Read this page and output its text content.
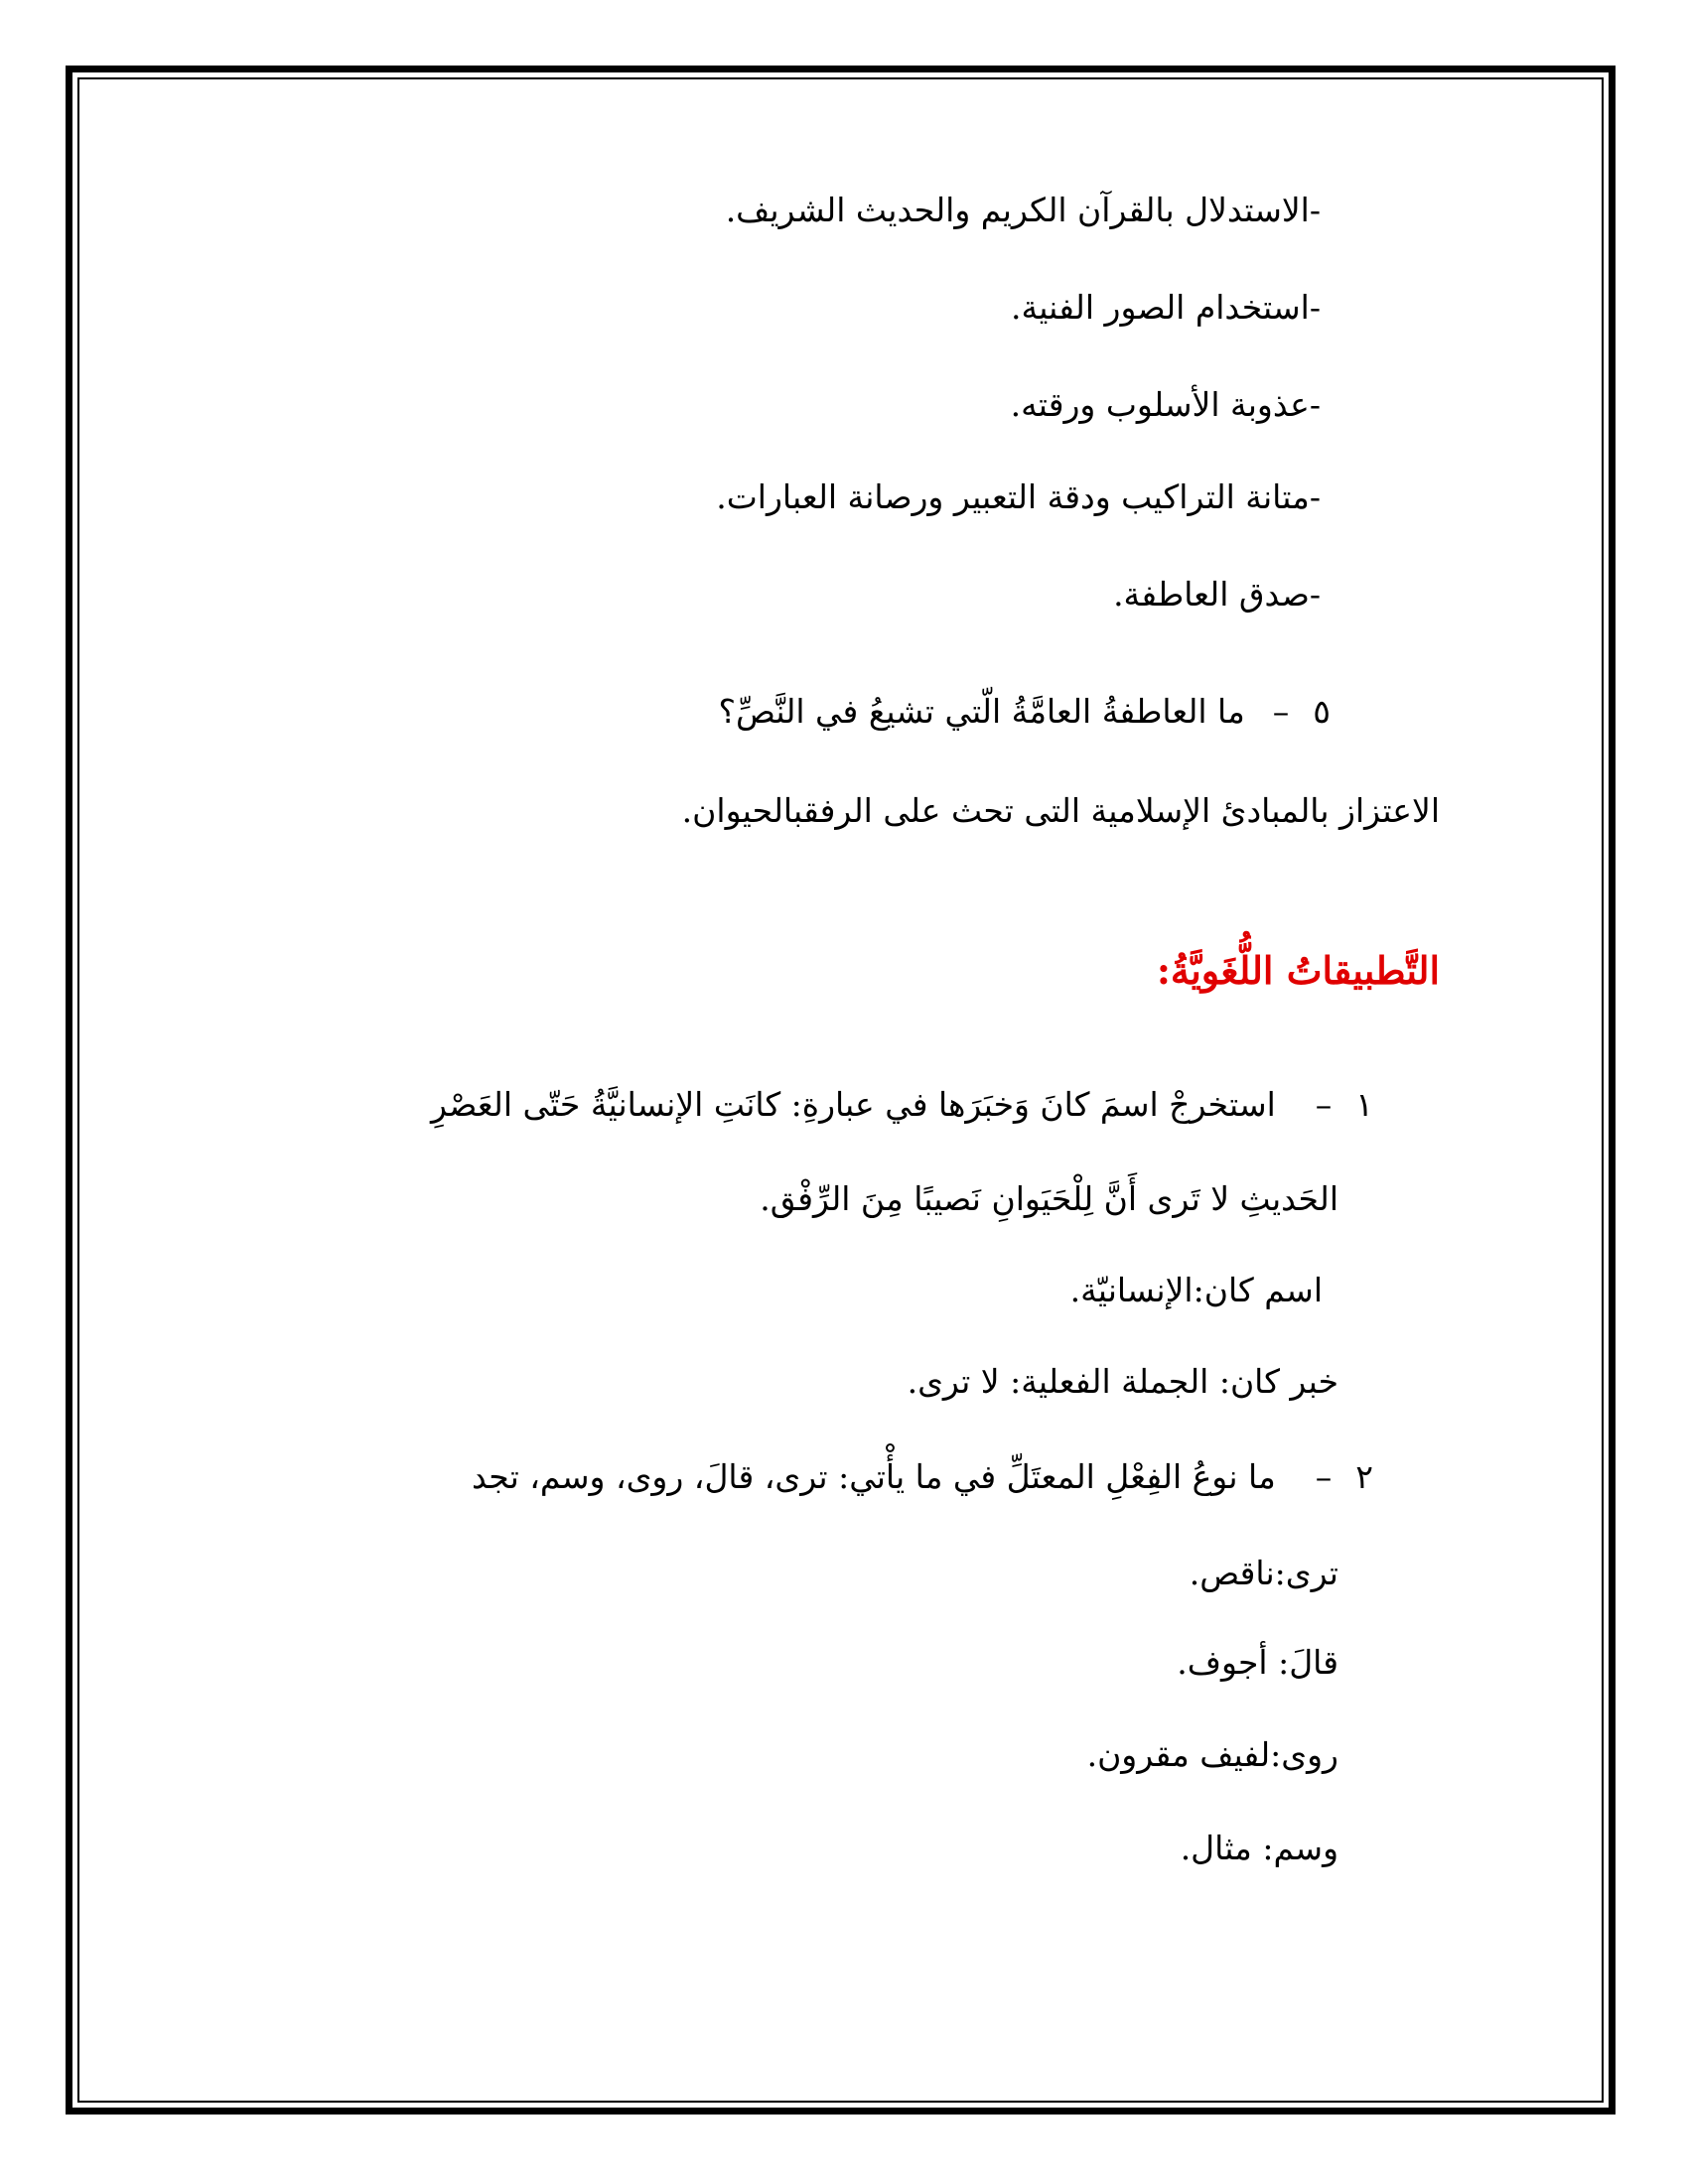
-الاستدلال بالقرآن الكريم والحديث الشريف.
-استخدام الصور الفنية.
-عذوبة الأسلوب ورقته.
-متانة التراكيب ودقة التعبير ورصانة العبارات.
-صدق العاطفة.
٥–ما العاطفةُ العامَّةُ الّتي تشيعُ في النَّصِّ؟
الاعتزاز بالمبادئ الإسلامية التى تحث على الرفقبالحيوان.
التَّطبيقاتُ اللُّغَويَّةُ:
١–استخرجْ اسمَ كانَ وَخبَرَها في عبارةِ: كانَتِ الإنسانيَّةُ حَتّى العَصْرِ
الحَديثِ لا تَرى أَنَّ لِلْحَيَوانِ نَصيبًا مِنَ الرِّفْق.
اسم كان:الإنسانيّة.
خبر كان: الجملة الفعلية: لا ترى.
٢–ما نوعُ الفِعْلِ المعتَلِّ في ما يأْتي: ترى، قالَ، روى، وسم، تجد
ترى:ناقص.
قالَ: أجوف.
روى:لفيف مقرون.
وسم: مثال.
